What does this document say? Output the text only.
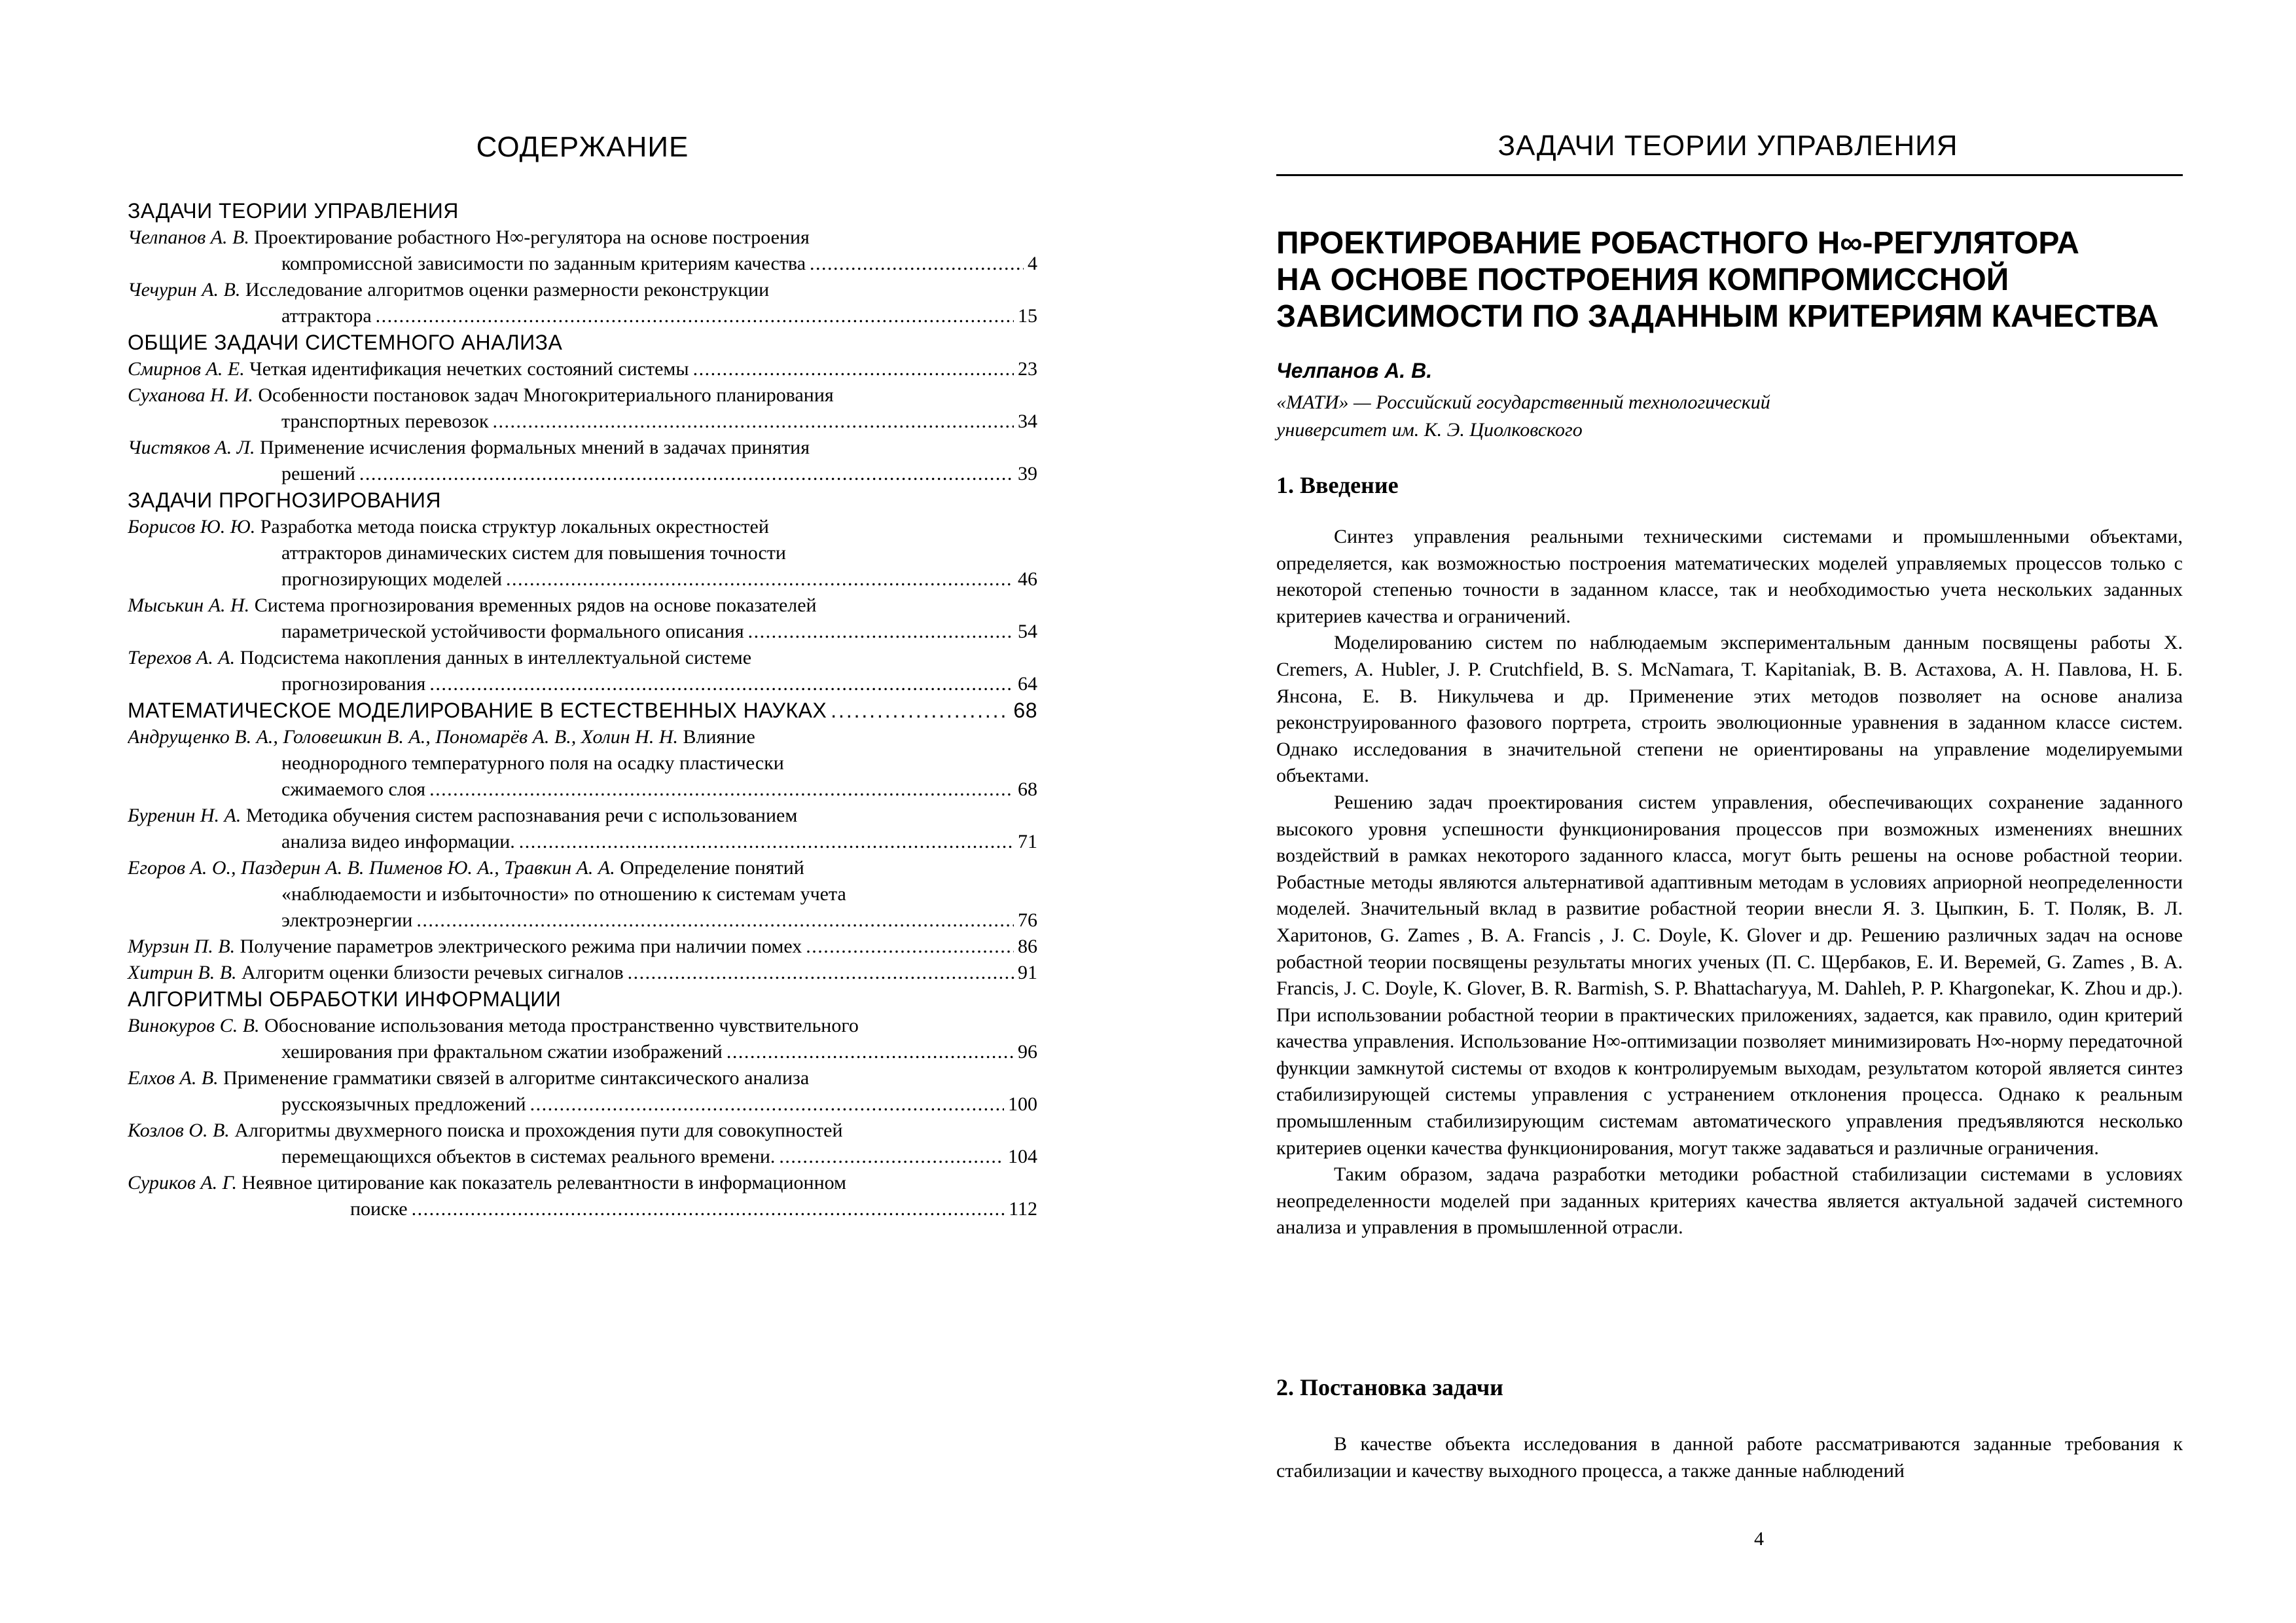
СОДЕРЖАНИЕ
ЗАДАЧИ ТЕОРИИ УПРАВЛЕНИЯ
Челпанов А. В. Проектирование робастного H∞-регулятора на основе построения
компромиссной зависимости по заданным критериям качества . . .	4
Чечурин А. В. Исследование алгоритмов оценки размерности реконструкции
аттрактора . . .	15
ОБЩИЕ ЗАДАЧИ СИСТЕМНОГО АНАЛИЗА
Смирнов А. Е. Четкая идентификация нечетких состояний системы . . .	23
Суханова Н. И. Особенности постановок задач Многокритериального планирования
транспортных перевозок . . .	34
Чистяков А. Л. Применение исчисления формальных мнений в задачах принятия
решений . . .	39
ЗАДАЧИ ПРОГНОЗИРОВАНИЯ
Борисов Ю. Ю. Разработка метода поиска структур локальных окрестностей
аттракторов динамических систем для повышения точности
прогнозирующих моделей . . .	46
Мыськин А. Н. Система прогнозирования временных рядов на основе показателей
параметрической устойчивости формального описания . . .	54
Терехов А. А. Подсистема накопления данных в интеллектуальной системе
прогнозирования . . .	64
МАТЕМАТИЧЕСКОЕ МОДЕЛИРОВАНИЕ В ЕСТЕСТВЕННЫХ НАУКАХ . . .	68
Андрущенко В. А., Головешкин В. А., Пономарёв А. В., Холин Н. Н. Влияние
неоднородного температурного поля на осадку пластически
сжимаемого слоя . . .	68
Буренин Н. А. Методика обучения систем распознавания речи с использованием
анализа видео информации. . . .	71
Егоров А. О., Паздерин А. В. Пименов Ю. А., Травкин А. А. Определение понятий
«наблюдаемости и избыточности» по отношению к системам учета
электроэнергии . . .	76
Мурзин П. В. Получение параметров электрического режима при наличии помех . . .	86
Хитрин В. В. Алгоритм оценки близости речевых сигналов . . .	91
АЛГОРИТМЫ ОБРАБОТКИ ИНФОРМАЦИИ
Винокуров С. В. Обоснование использования метода пространственно чувствительного
хеширования при фрактальном сжатии изображений . . .	96
Елхов А. В. Применение грамматики связей в алгоритме синтаксического анализа
русскоязычных предложений . . .	100
Козлов О. В. Алгоритмы двухмерного поиска и прохождения пути для совокупностей
перемещающихся объектов в системах реального времени. . . .	104
Суриков А. Г. Неявное цитирование как показатель релевантности в информационном
поиске . . .	112
ЗАДАЧИ ТЕОРИИ УПРАВЛЕНИЯ
ПРОЕКТИРОВАНИЕ РОБАСТНОГО H∞-РЕГУЛЯТОРА
НА ОСНОВЕ ПОСТРОЕНИЯ КОМПРОМИССНОЙ
ЗАВИСИМОСТИ ПО ЗАДАННЫМ КРИТЕРИЯМ КАЧЕСТВА
Челпанов А. В.
«МАТИ» — Российский государственный технологический
университет им. К. Э. Циолковского
1. Введение

Синтез управления реальными техническими системами и промышленными объектами, определяется, как возможностью построения математических моделей управляемых процессов только с некоторой степенью точности в заданном классе, так и необходимостью учета нескольких заданных критериев качества и ограничений.

Моделированию систем по наблюдаемым экспериментальным данным посвящены работы X. Cremers, A. Hubler, J. P. Crutchfield, B. S. McNamara, T. Kapitaniak, В. В. Астахова, А. Н. Павлова, Н. Б. Янсона, Е. В. Никульчева и др. Применение этих методов позволяет на основе анализа реконструированного фазового портрета, строить эволюционные уравнения в заданном классе систем. Однако исследования в значительной степени не ориентированы на управление моделируемыми объектами.

Решению задач проектирования систем управления, обеспечивающих сохранение заданного высокого уровня успешности функционирования процессов при возможных изменениях внешних воздействий в рамках некоторого заданного класса, могут быть решены на основе робастной теории. Робастные методы являются альтернативой адаптивным методам в условиях априорной неопределенности моделей. Значительный вклад в развитие робастной теории внесли Я. З. Цыпкин, Б. Т. Поляк, В. Л. Харитонов, G. Zames , B. A. Francis , J. C. Doyle, K. Glover и др. Решению различных задач на основе робастной теории посвящены результаты многих ученых (П. С. Щербаков, Е. И. Веремей, G. Zames , B. A. Francis, J. C. Doyle, K. Glover, B. R. Barmish, S. P. Bhattacharyya, M. Dahleh, P. P. Khargonekar, K. Zhou и др.). При использовании робастной теории в практических приложениях, задается, как правило, один критерий качества управления. Использование H∞-оптимизации позволяет минимизировать H∞-норму передаточной функции замкнутой системы от входов к контролируемым выходам, результатом которой является синтез стабилизирующей системы управления с устранением отклонения процесса. Однако к реальным промышленным стабилизирующим системам автоматического управления предъявляются несколько критериев оценки качества функционирования, могут также задаваться и различные ограничения.

Таким образом, задача разработки методики робастной стабилизации системами в условиях неопределенности моделей при заданных критериях качества является актуальной задачей системного анализа и управления в промышленной отрасли.

2. Постановка задачи

В качестве объекта исследования в данной работе рассматриваются заданные требования к стабилизации и качеству выходного процесса, а также данные наблюдений

4
